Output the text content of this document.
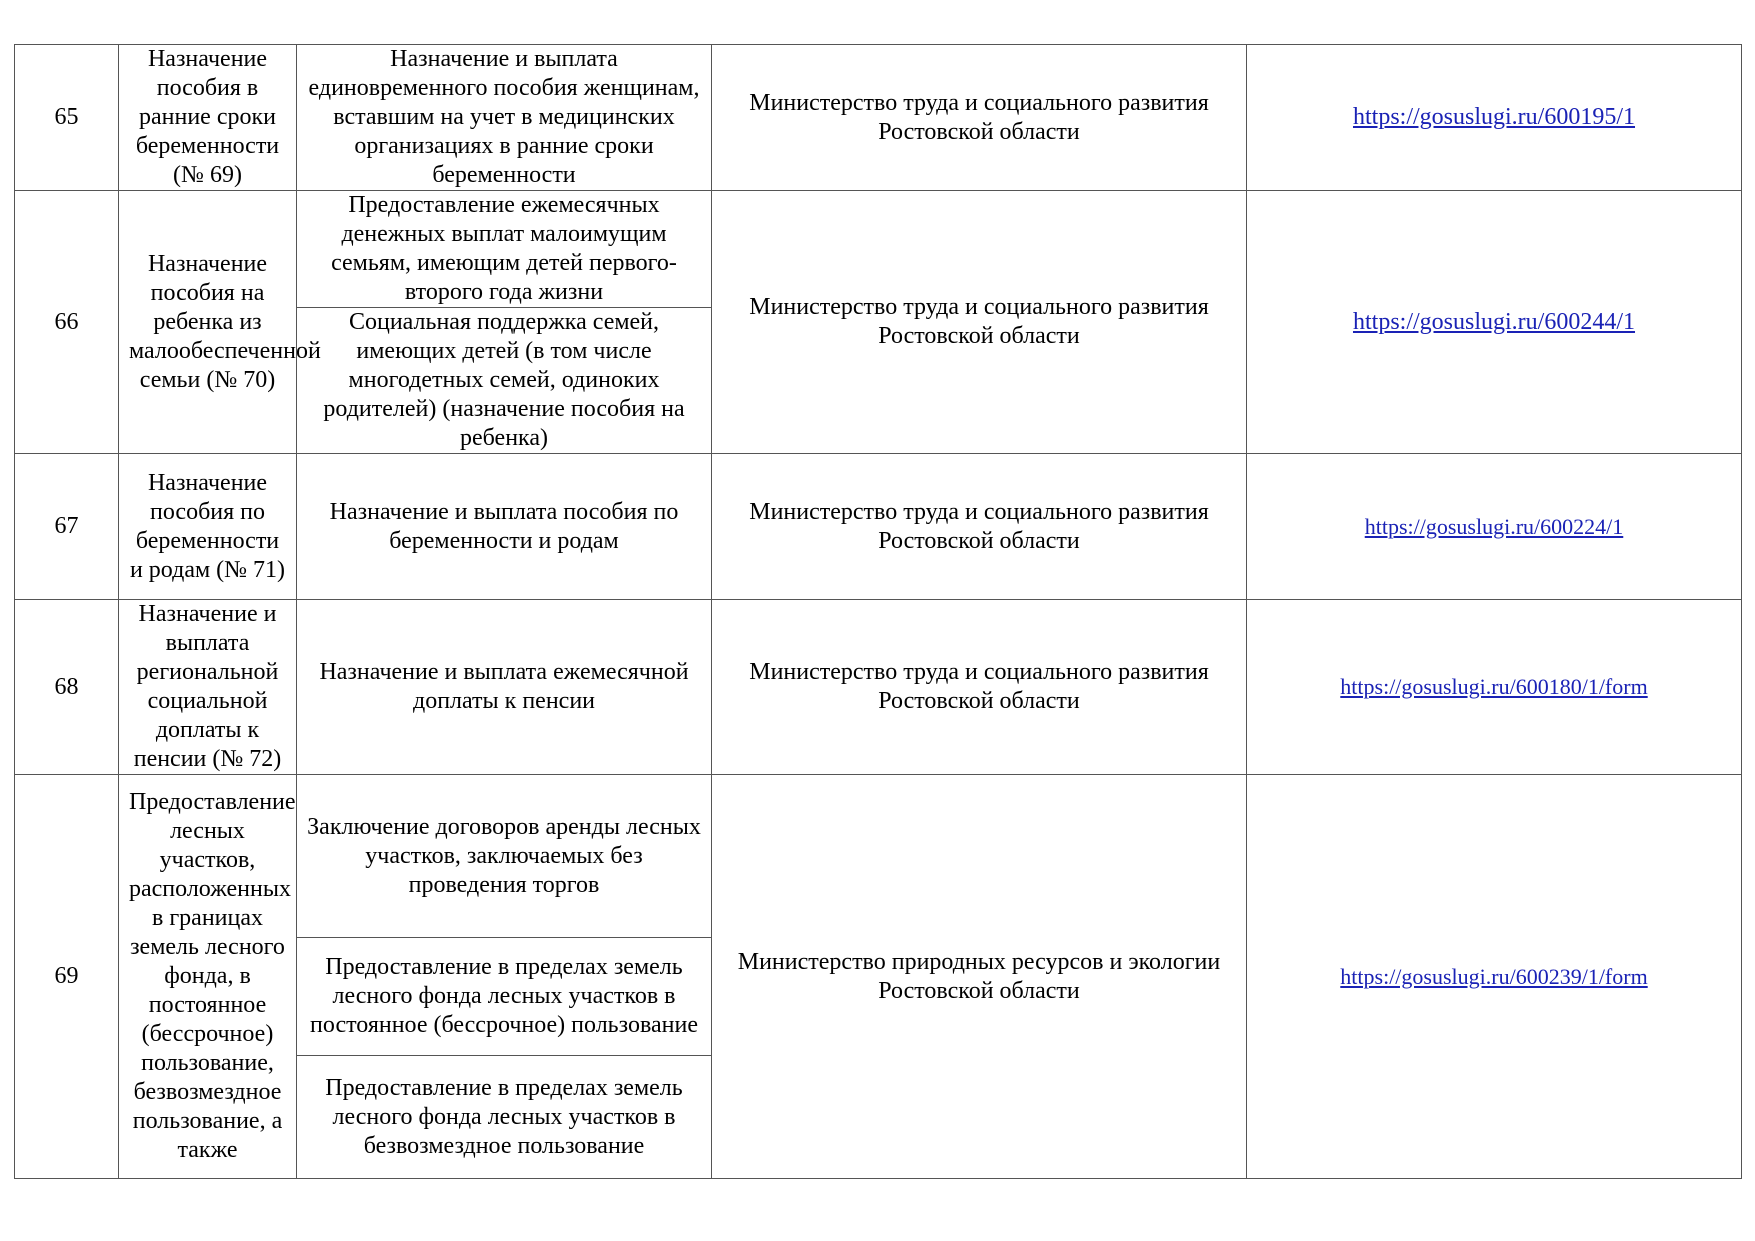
65	Назначение пособия в ранние сроки беременности (№ 69)	Назначение и выплата единовременного пособия женщинам, вставшим на учет в медицинских организациях в ранние сроки беременности	Министерство труда и социального развития Ростовской области	https://gosuslugi.ru/600195/1
66	Назначение пособия на ребенка из малообеспеченной семьи (№ 70)	Предоставление ежемесячных денежных выплат малоимущим семьям, имеющим детей первого-второго года жизни	Министерство труда и социального развития Ростовской области	https://gosuslugi.ru/600244/1
		Социальная поддержка семей, имеющих детей (в том числе многодетных семей, одиноких родителей) (назначение пособия на ребенка)		
67	Назначение пособия по беременности и родам (№ 71)	Назначение и выплата пособия по беременности и родам	Министерство труда и социального развития Ростовской области	https://gosuslugi.ru/600224/1
68	Назначение и выплата региональной социальной доплаты к пенсии (№ 72)	Назначение и выплата ежемесячной доплаты к пенсии	Министерство труда и социального развития Ростовской области	https://gosuslugi.ru/600180/1/form
69	Предоставление лесных участков, расположенных в границах земель лесного фонда, в постоянное (бессрочное) пользование, безвозмездное пользование, а также	Заключение договоров аренды лесных участков, заключаемых без проведения торгов	Министерство природных ресурсов и экологии Ростовской области	https://gosuslugi.ru/600239/1/form
		Предоставление в пределах земель лесного фонда лесных участков в постоянное (бессрочное) пользование		
		Предоставление в пределах земель лесного фонда лесных участков в безвозмездное пользование		
